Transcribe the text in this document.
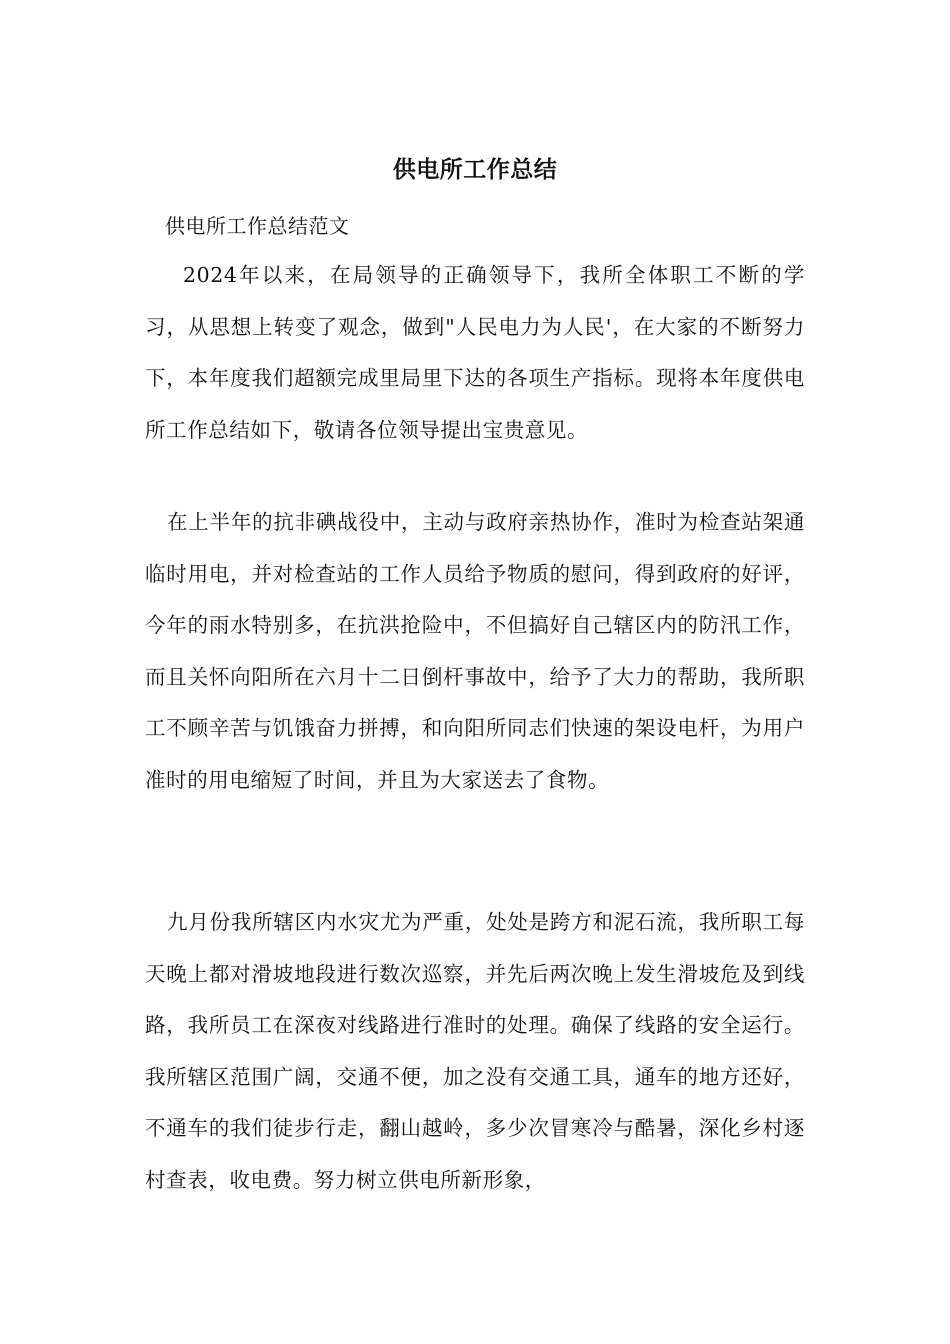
供电所工作总结
供电所工作总结范文
2024年以来，在局领导的正确领导下，我所全体职工不断的学习，从思想上转变了观念，做到"人民电力为人民'，在大家的不断努力下，本年度我们超额完成里局里下达的各项生产指标。现将本年度供电所工作总结如下，敬请各位领导提出宝贵意见。
在上半年的抗非碘战役中，主动与政府亲热协作，准时为检查站架通临时用电，并对检查站的工作人员给予物质的慰问，得到政府的好评，今年的雨水特别多，在抗洪抢险中，不但搞好自己辖区内的防汛工作，而且关怀向阳所在六月十二日倒杆事故中，给予了大力的帮助，我所职工不顾辛苦与饥饿奋力拼搏，和向阳所同志们快速的架设电杆，为用户准时的用电缩短了时间，并且为大家送去了食物。
九月份我所辖区内水灾尤为严重，处处是跨方和泥石流，我所职工每天晚上都对滑坡地段进行数次巡察，并先后两次晚上发生滑坡危及到线路，我所员工在深夜对线路进行准时的处理。确保了线路的安全运行。我所辖区范围广阔，交通不便，加之没有交通工具，通车的地方还好，不通车的我们徒步行走，翻山越岭，多少次冒寒冷与酷暑，深化乡村逐村查表，收电费。努力树立供电所新形象，
